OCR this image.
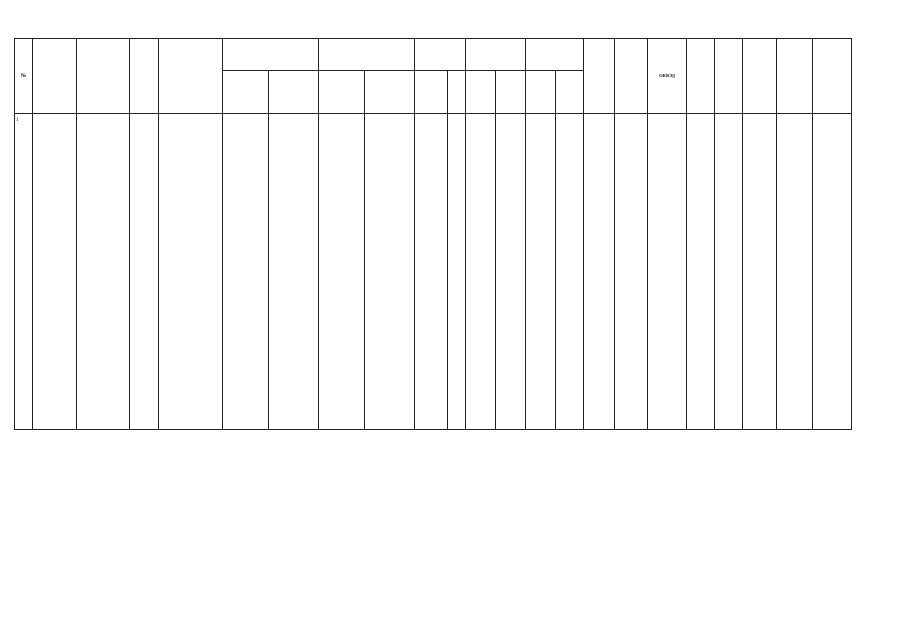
№																	ОКВЭД					

1																						
